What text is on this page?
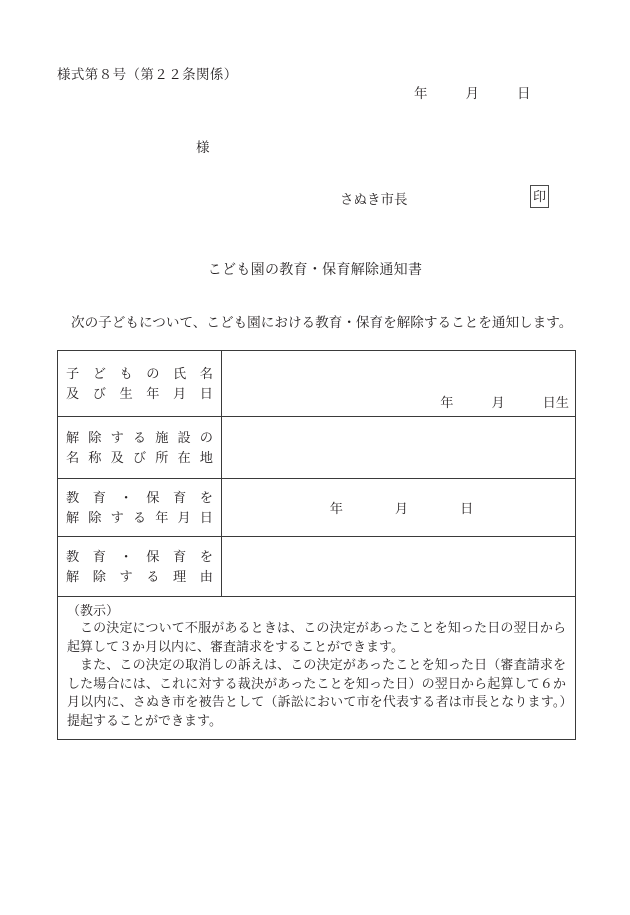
様式第８号（第２２条関係）
年	月	日
様
さぬき市長	印
こども園の教育・保育解除通知書
次の子どもについて、こども園における教育・保育を解除することを通知します。
子どもの氏名
及び生年月日	年 月 日生

解除する施設の
名称及び所在地	

教育・保育を
解除する年月日	年 月 日

教育・保育を
解除する理由	

（教示）

この決定について不服があるときは、この決定があったことを知った日の翌日から起算して３か月以内に、審査請求をすることができます。

また、この決定の取消しの訴えは、この決定があったことを知った日（審査請求をした場合には、これに対する裁決があったことを知った日）の翌日から起算して６か月以内に、さぬき市を被告として（訴訟において市を代表する者は市長となります。）提起することができます。	
